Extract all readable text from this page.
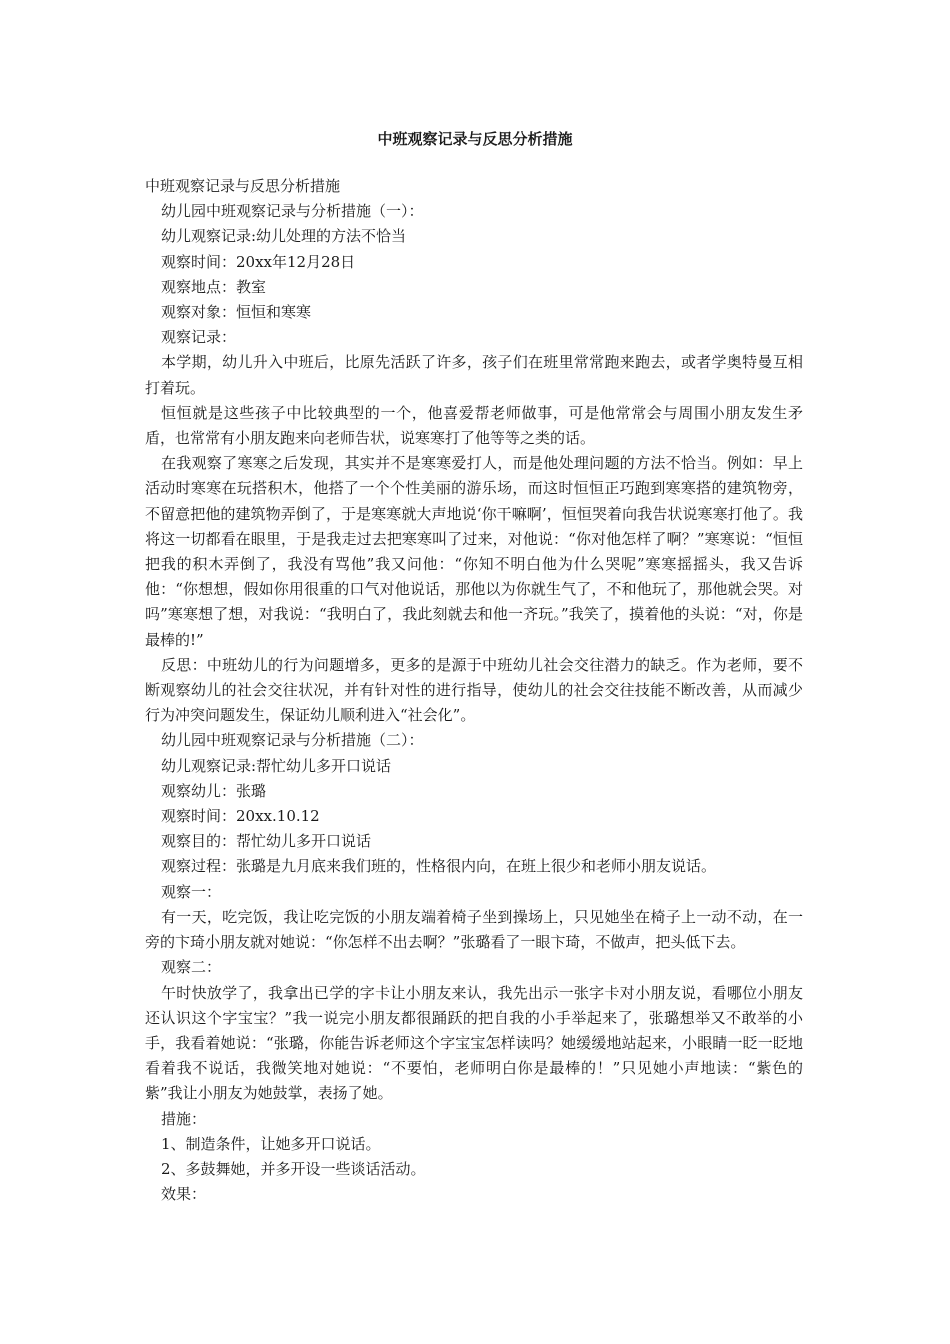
中班观察记录与反思分析措施

中班观察记录与反思分析措施

幼儿园中班观察记录与分析措施（一）：

幼儿观察记录:幼儿处理的方法不恰当

观察时间：20xx年12月28日

观察地点：教室

观察对象：恒恒和寒寒

观察记录：

本学期，幼儿升入中班后，比原先活跃了许多，孩子们在班里常常跑来跑去，或者学奥特曼互相打着玩。

恒恒就是这些孩子中比较典型的一个，他喜爱帮老师做事，可是他常常会与周围小朋友发生矛盾，也常常有小朋友跑来向老师告状，说寒寒打了他等等之类的话。

在我观察了寒寒之后发现，其实并不是寒寒爱打人，而是他处理问题的方法不恰当。例如：早上活动时寒寒在玩搭积木，他搭了一个个性美丽的游乐场，而这时恒恒正巧跑到寒寒搭的建筑物旁，不留意把他的建筑物弄倒了，于是寒寒就大声地说‘你干嘛啊’，恒恒哭着向我告状说寒寒打他了。我将这一切都看在眼里，于是我走过去把寒寒叫了过来，对他说：“你对他怎样了啊？”寒寒说：“恒恒把我的积木弄倒了，我没有骂他”我又问他：“你知不明白他为什么哭呢”寒寒摇摇头，我又告诉他：“你想想，假如你用很重的口气对他说话，那他以为你就生气了，不和他玩了，那他就会哭。对吗”寒寒想了想，对我说：“我明白了，我此刻就去和他一齐玩。”我笑了，摸着他的头说：“对，你是最棒的!”

反思：中班幼儿的行为问题增多，更多的是源于中班幼儿社会交往潜力的缺乏。作为老师，要不断观察幼儿的社会交往状况，并有针对性的进行指导，使幼儿的社会交往技能不断改善，从而减少行为冲突问题发生，保证幼儿顺利进入“社会化”。

幼儿园中班观察记录与分析措施（二）：

幼儿观察记录:帮忙幼儿多开口说话

观察幼儿：张璐

观察时间：20xx.10.12

观察目的：帮忙幼儿多开口说话

观察过程：张璐是九月底来我们班的，性格很内向，在班上很少和老师小朋友说话。

观察一：

有一天，吃完饭，我让吃完饭的小朋友端着椅子坐到操场上，只见她坐在椅子上一动不动，在一旁的卞琦小朋友就对她说：“你怎样不出去啊？”张璐看了一眼卞琦，不做声，把头低下去。

观察二：

午时快放学了，我拿出已学的字卡让小朋友来认，我先出示一张字卡对小朋友说，看哪位小朋友还认识这个字宝宝？”我一说完小朋友都很踊跃的把自我的小手举起来了，张璐想举又不敢举的小手，我看着她说：“张璐，你能告诉老师这个字宝宝怎样读吗？她缓缓地站起来，小眼睛一眨一眨地看着我不说话，我微笑地对她说：“不要怕，老师明白你是最棒的！”只见她小声地读：“紫色的紫”我让小朋友为她鼓掌，表扬了她。

措施：

1、制造条件，让她多开口说话。

2、多鼓舞她，并多开设一些谈话活动。

效果：
